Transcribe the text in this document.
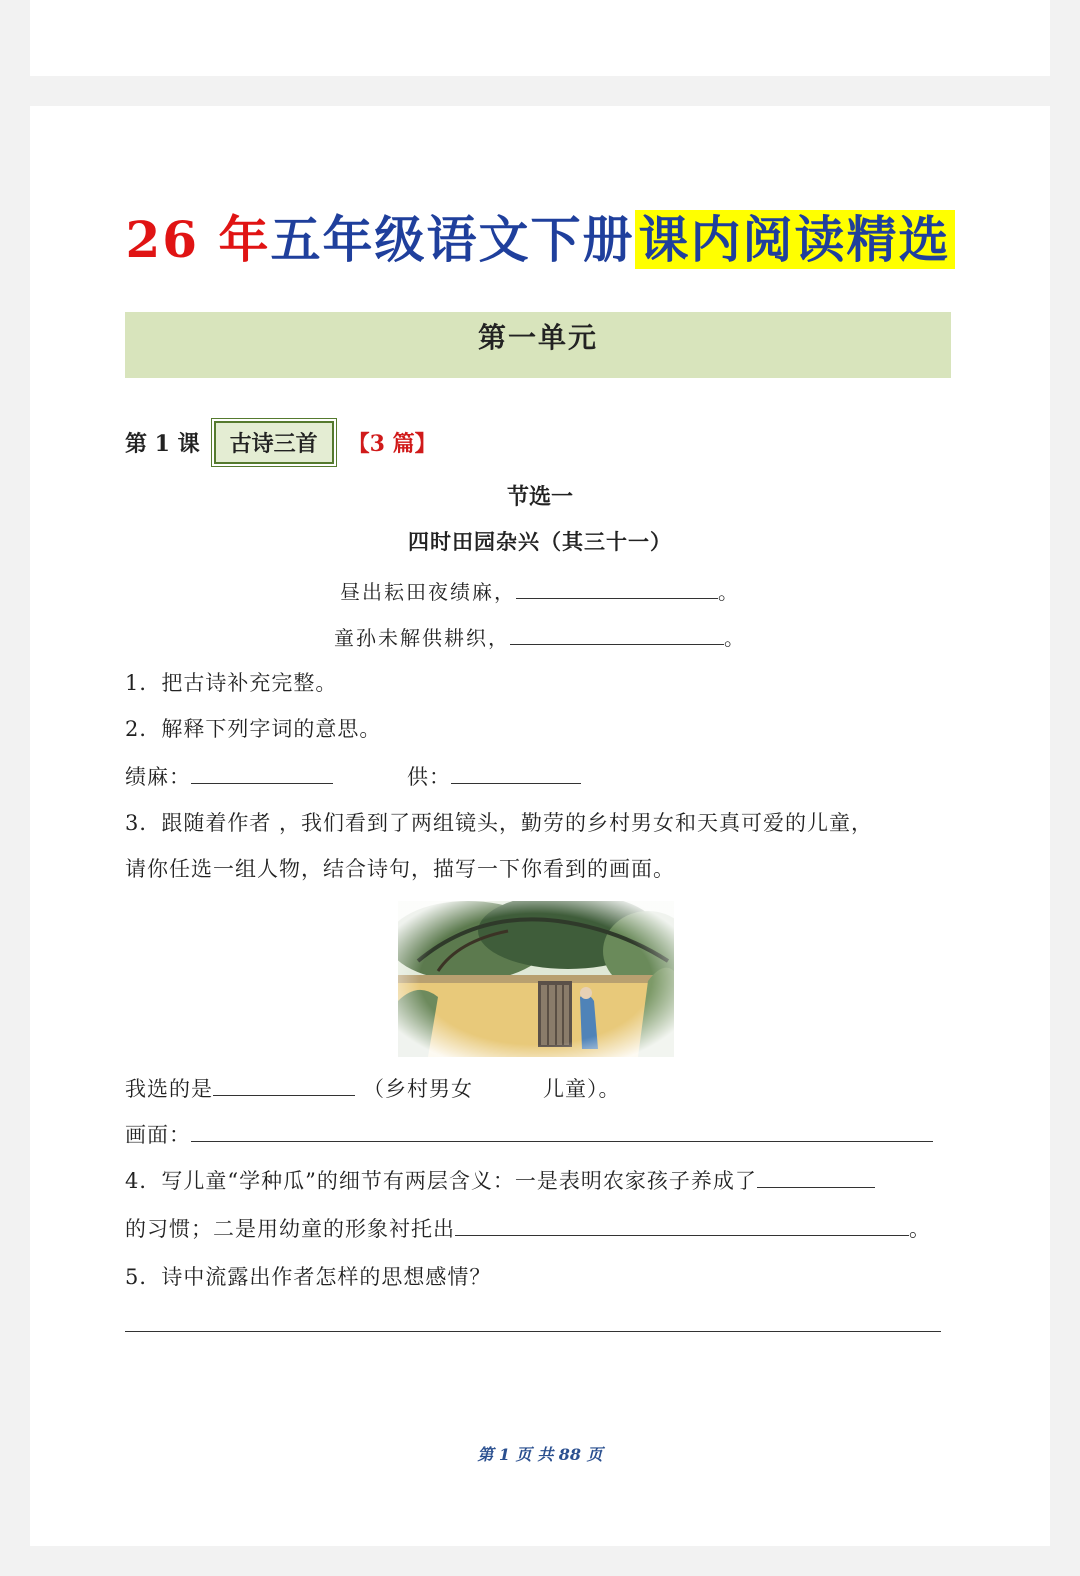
26 年五年级语文下册课内阅读精选
第一单元
第 1 课	古诗三首	【3 篇】
节选一
四时田园杂兴（其三十一）
昼出耘田夜绩麻，	。
童孙未解供耕织，	。
1．把古诗补充完整。
2．解释下列字词的意思。
绩麻：	供：
3．跟随着作者 ，我们看到了两组镜头，勤劳的乡村男女和天真可爱的儿童，
请你任选一组人物，结合诗句，描写一下你看到的画面。
我选的是	（乡村男女	儿童）。
画面：
4．写儿童“学种瓜”的细节有两层含义：一是表明农家孩子养成了
的习惯；二是用幼童的形象衬托出	。
5．诗中流露出作者怎样的思想感情？
第 1 页 共 88 页
